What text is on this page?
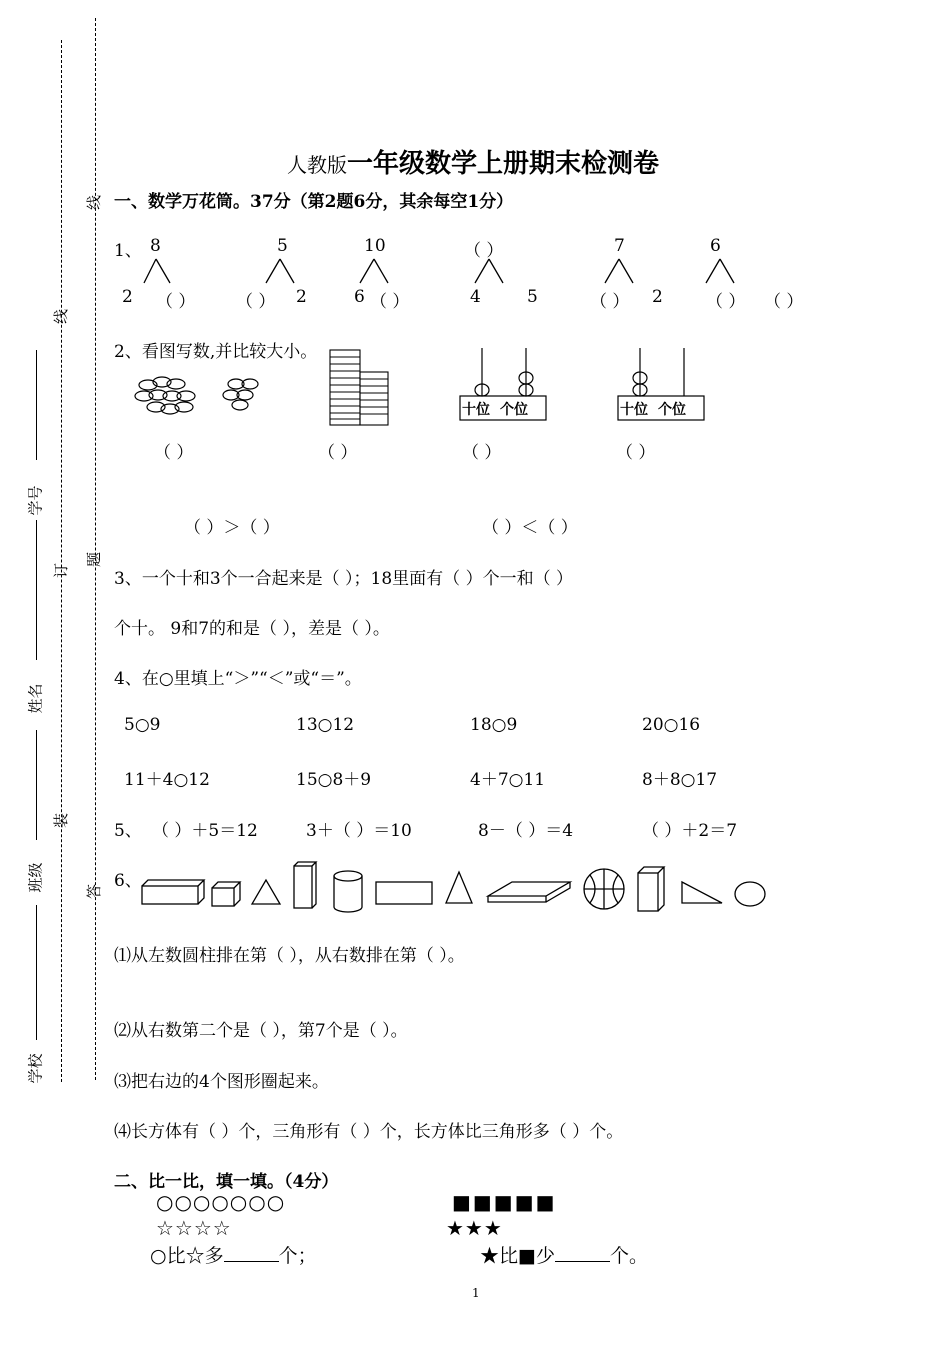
线
订
装
线
题
答
学号
姓名
班级
学校
人教版一年级数学上册期末检测卷
一、数学万花筒。37分（第2题6分，其余每空1分）
1、 8
2 （ ）
5
（ ） 2
10
6 （ ）
（ ）
4	5
7
（ ） 2
6
（ ） （ ）
2、看图写数,并比较大小。
十位 个位	十位 个位
（ ）	（ ）	（ ）	（ ）
（ ）＞（ ）	（ ）＜（ ）
3、一个十和3个一合起来是（ ）；18里面有（ ）个一和（ ）
个十。 9和7的和是（ ），差是（ ）。
4、在○里填上“＞”“＜”或“＝”。
5○9	13○12	18○9	20○16
11＋4○12	15○8＋9	4＋7○11	8＋8○17
5、 （ ）＋5＝12	3＋（ ）＝10	8－（ ）＝4	（ ）＋2＝7
6、
⑴从左数圆柱排在第（ ），从右数排在第（ ）。
⑵从右数第二个是（ ），第7个是（ ）。
⑶把右边的4个图形圈起来。
⑷长方体有（ ）个，三角形有（ ）个，长方体比三角形多（ ）个。
二、比一比，填一填。（4分）
○○○○○○○	■■■■■
☆☆☆☆	★★★
○比☆多	个；	★比■少	个。
1
